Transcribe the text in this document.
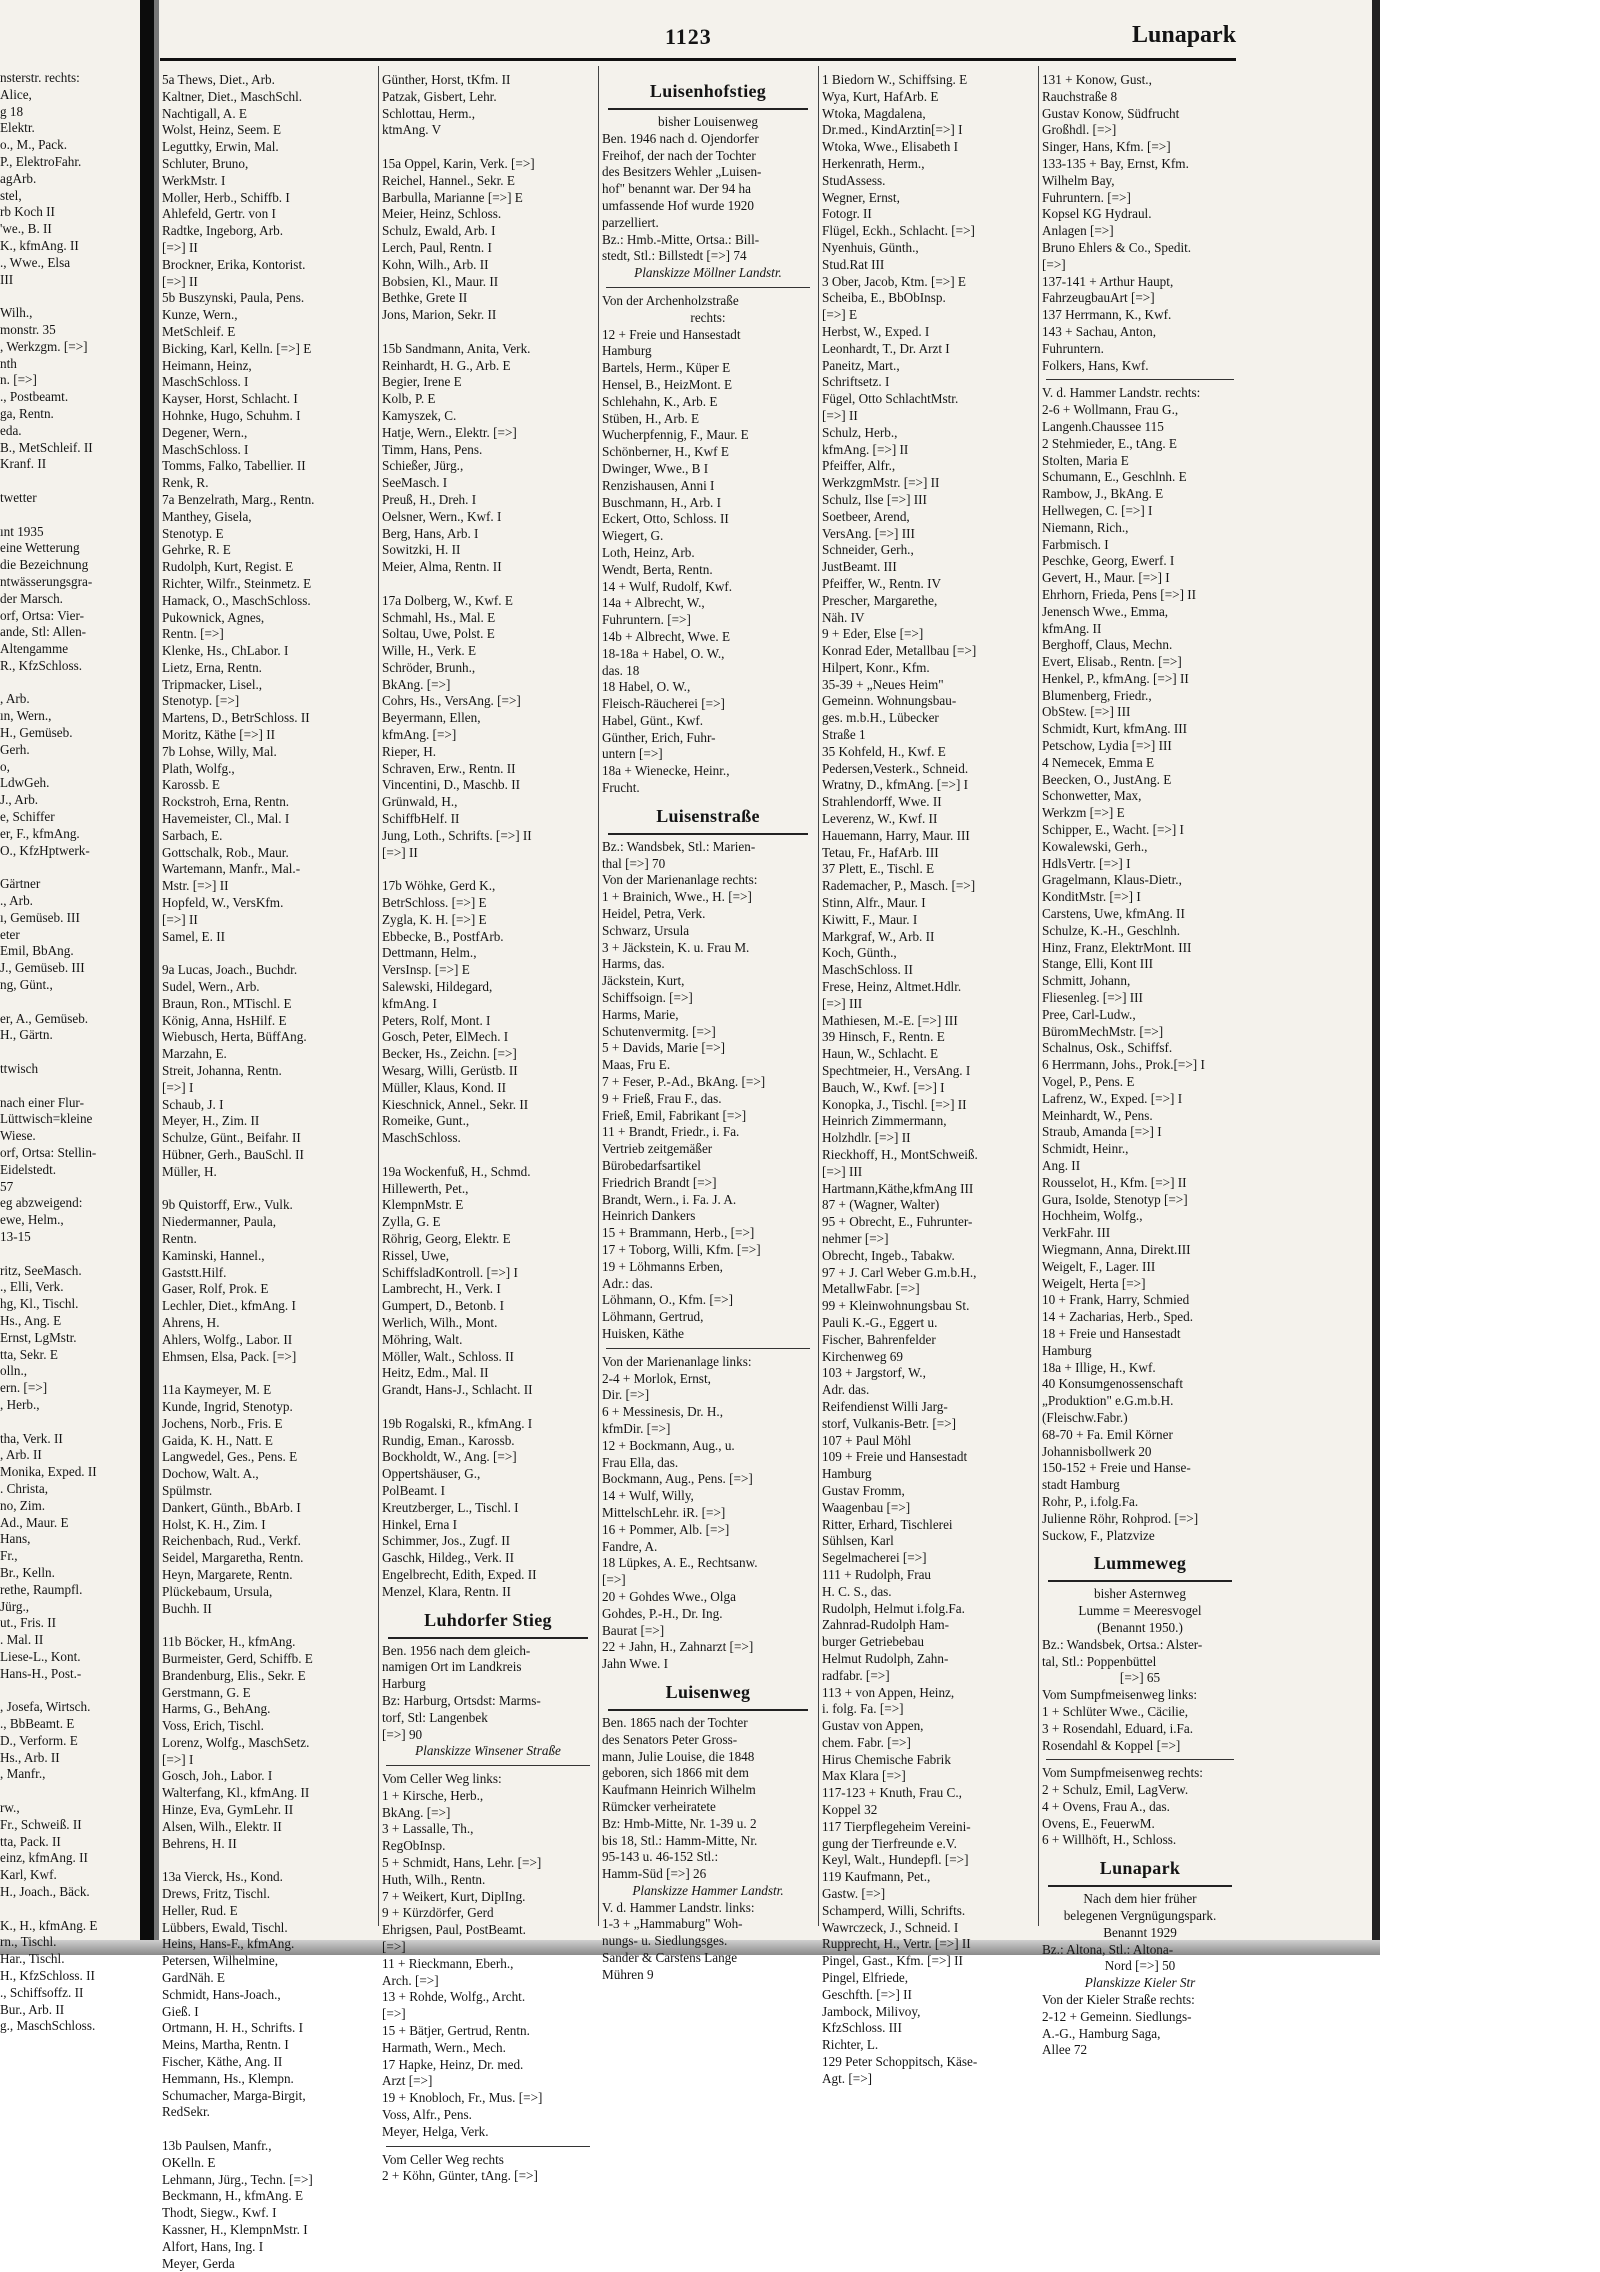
1123	Lunapark
nsterstr. rechts:
Alice,
g 18
Elektr.
o., M., Pack.
P., ElektroFahr.
agArb.
stel,
rb Koch II
'we., B. II
K., kfmAng. II
., Wwe., Elsa
III
Wilh.,
monstr. 35
, Werkzgm. [=>]
nth
n. [=>]
., Postbeamt.
ga, Rentn.
eda.
B., MetSchleif. II
Kranf. II
twetter
ınt 1935
eine Wetterung
die Bezeichnung
ntwässerungsgra-
der Marsch.
orf, Ortsa: Vier-
ande, Stl: Allen-
Altengamme
R., KfzSchloss.
, Arb.
ın, Wern.,
H., Gemüseb.
Gerh.
o,
LdwGeh.
J., Arb.
e, Schiffer
er, F., kfmAng.
O., KfzHptwerk-
Gärtner
., Arb.
ı, Gemüseb. III
eter
Emil, BbAng.
J., Gemüseb. III
ng, Günt.,
er, A., Gemüseb.
H., Gärtn.
ttwisch
nach einer Flur-
Lüttwisch=kleine
Wiese.
orf, Ortsa: Stellin-
Eidelstedt.
57
eg abzweigend:
ewe, Helm.,
13-15
ritz, SeeMasch.
., Elli, Verk.
hg, Kl., Tischl.
Hs., Ang. E
Ernst, LgMstr.
tta, Sekr. E
olln.,
ern. [=>]
, Herb.,
tha, Verk. II
, Arb. II
Monika, Exped. II
. Christa,
no, Zim.
Ad., Maur. E
Hans,
Fr.,
Br., Kelln.
rethe, Raumpfl.
Jürg.,
ut., Fris. II
. Mal. II
Liese-L., Kont.
Hans-H., Post.-
, Josefa, Wirtsch.
., BbBeamt. E
D., Verform. E
Hs., Arb. II
, Manfr.,
rw.,
Fr., Schweiß. II
tta, Pack. II
einz, kfmAng. II
Karl, Kwf.
H., Joach., Bäck.
K., H., kfmAng. E
rn., Tischl.
Har., Tischl.
H., KfzSchloss. II
., Schiffsoffz. II
Bur., Arb. II
g., MaschSchloss.
5a Thews, Diet., Arb.
Kaltner, Diet., MaschSchl.
Nachtigall, A. E
Wolst, Heinz, Seem. E
Leguttky, Erwin, Mal.
Schluter, Bruno,
WerkMstr. I
Moller, Herb., Schiffb. I
Ahlefeld, Gertr. von I
Radtke, Ingeborg, Arb.
[=>] II
Brockner, Erika, Kontorist.
[=>] II
5b Buszynski, Paula, Pens.
Kunze, Wern.,
MetSchleif. E
Bicking, Karl, Kelln. [=>] E
Heimann, Heinz,
MaschSchloss. I
Kayser, Horst, Schlacht. I
Hohnke, Hugo, Schuhm. I
Degener, Wern.,
MaschSchloss. I
Tomms, Falko, Tabellier. II
Renk, R.
7a Benzelrath, Marg., Rentn.
Manthey, Gisela,
Stenotyp. E
Gehrke, R. E
Rudolph, Kurt, Regist. E
Richter, Wilfr., Steinmetz. E
Hamack, O., MaschSchloss.
Pukownick, Agnes,
Rentn. [=>]
Klenke, Hs., ChLabor. I
Lietz, Erna, Rentn.
Tripmacker, Lisel.,
Stenotyp. [=>]
Martens, D., BetrSchloss. II
Moritz, Käthe [=>] II
7b Lohse, Willy, Mal.
Plath, Wolfg.,
Karossb. E
Rockstroh, Erna, Rentn.
Havemeister, Cl., Mal. I
Sarbach, E.
Gottschalk, Rob., Maur.
Wartemann, Manfr., Mal.-
Mstr. [=>] II
Hopfeld, W., VersKfm.
[=>] II
Samel, E. II
9a Lucas, Joach., Buchdr.
Sudel, Wern., Arb.
Braun, Ron., MTischl. E
König, Anna, HsHilf. E
Wiebusch, Herta, BüffAng.
Marzahn, E.
Streit, Johanna, Rentn.
[=>] I
Schaub, J. I
Meyer, H., Zim. II
Schulze, Günt., Beifahr. II
Hübner, Gerh., BauSchl. II
Müller, H.
9b Quistorff, Erw., Vulk.
Niedermanner, Paula,
Rentn.
Kaminski, Hannel.,
Gaststt.Hilf.
Gaser, Rolf, Prok. E
Lechler, Diet., kfmAng. I
Ahrens, H.
Ahlers, Wolfg., Labor. II
Ehmsen, Elsa, Pack. [=>]
11a Kaymeyer, M. E
Kunde, Ingrid, Stenotyp.
Jochens, Norb., Fris. E
Gaida, K. H., Natt. E
Langwedel, Ges., Pens. E
Dochow, Walt. A.,
Spülmstr.
Dankert, Günth., BbArb. I
Holst, K. H., Zim. I
Reichenbach, Rud., Verkf.
Seidel, Margaretha, Rentn.
Heyn, Margarete, Rentn.
Plückebaum, Ursula,
Buchh. II
11b Böcker, H., kfmAng.
Burmeister, Gerd, Schiffb. E
Brandenburg, Elis., Sekr. E
Gerstmann, G. E
Harms, G., BehAng.
Voss, Erich, Tischl.
Lorenz, Wolfg., MaschSetz.
[=>] I
Gosch, Joh., Labor. I
Walterfang, Kl., kfmAng. II
Hinze, Eva, GymLehr. II
Alsen, Wilh., Elektr. II
Behrens, H. II
13a Vierck, Hs., Kond.
Drews, Fritz, Tischl.
Heller, Rud. E
Lübbers, Ewald, Tischl.
Heins, Hans-F., kfmAng.
Petersen, Wilhelmine,
GardNäh. E
Schmidt, Hans-Joach.,
Gieß. I
Ortmann, H. H., Schrifts. I
Meins, Martha, Rentn. I
Fischer, Käthe, Ang. II
Hemmann, Hs., Klempn.
Schumacher, Marga-Birgit,
RedSekr.
13b Paulsen, Manfr.,
OKelln. E
Lehmann, Jürg., Techn. [=>]
Beckmann, H., kfmAng. E
Thodt, Siegw., Kwf. I
Kassner, H., KlempnMstr. I
Alfort, Hans, Ing. I
Meyer, Gerda
Günther, Horst, tKfm. II
Patzak, Gisbert, Lehr.
Schlottau, Herm.,
ktmAng. V
15a Oppel, Karin, Verk. [=>]
Reichel, Hannel., Sekr. E
Barbulla, Marianne [=>] E
Meier, Heinz, Schloss.
Schulz, Ewald, Arb. I
Lerch, Paul, Rentn. I
Kohn, Wilh., Arb. II
Bobsien, Kl., Maur. II
Bethke, Grete II
Jons, Marion, Sekr. II
15b Sandmann, Anita, Verk.
Reinhardt, H. G., Arb. E
Begier, Irene E
Kolb, P. E
Kamyszek, C.
Hatje, Wern., Elektr. [=>]
Timm, Hans, Pens.
Schießer, Jürg.,
SeeMasch. I
Preuß, H., Dreh. I
Oelsner, Wern., Kwf. I
Berg, Hans, Arb. I
Sowitzki, H. II
Meier, Alma, Rentn. II
17a Dolberg, W., Kwf. E
Schmahl, Hs., Mal. E
Soltau, Uwe, Polst. E
Wille, H., Verk. E
Schröder, Brunh.,
BkAng. [=>]
Cohrs, Hs., VersAng. [=>]
Beyermann, Ellen,
kfmAng. [=>]
Rieper, H.
Schraven, Erw., Rentn. II
Vincentini, D., Maschb. II
Grünwald, H.,
SchiffbHelf. II
Jung, Loth., Schrifts. [=>] II
[=>] II
17b Wöhke, Gerd K.,
BetrSchloss. [=>] E
Zygla, K. H. [=>] E
Ebbecke, B., PostfArb.
Dettmann, Helm.,
VersInsp. [=>] E
Salewski, Hildegard,
kfmAng. I
Peters, Rolf, Mont. I
Gosch, Peter, ElMech. I
Becker, Hs., Zeichn. [=>]
Wesarg, Willi, Gerüstb. II
Müller, Klaus, Kond. II
Kieschnick, Annel., Sekr. II
Romeike, Gunt.,
MaschSchloss.
19a Wockenfuß, H., Schmd.
Hillewerth, Pet.,
KlempnMstr. E
Zylla, G. E
Röhrig, Georg, Elektr. E
Rissel, Uwe,
SchiffsladKontroll. [=>] I
Lambrecht, H., Verk. I
Gumpert, D., Betonb. I
Werlich, Wilh., Mont.
Möhring, Walt.
Möller, Walt., Schloss. II
Heitz, Edm., Mal. II
Grandt, Hans-J., Schlacht. II
19b Rogalski, R., kfmAng. I
Rundig, Eman., Karossb.
Bockholdt, W., Ang. [=>]
Oppertshäuser, G.,
PolBeamt. I
Kreutzberger, L., Tischl. I
Hinkel, Erna I
Schimmer, Jos., Zugf. II
Gaschk, Hildeg., Verk. II
Engelbrecht, Edith, Exped. II
Menzel, Klara, Rentn. II
Luhdorfer Stieg
Ben. 1956 nach dem gleich-
namigen Ort im Landkreis
Harburg
Bz: Harburg, Ortsdst: Marms-
torf, Stl: Langenbek
[=>] 90
Planskizze Winsener Straße
Vom Celler Weg links:
1 + Kirsche, Herb.,
BkAng. [=>]
3 + Lassalle, Th.,
RegObInsp.
5 + Schmidt, Hans, Lehr. [=>]
Huth, Wilh., Rentn.
7 + Weikert, Kurt, DiplIng.
9 + Kürzdörfer, Gerd
Ehrigsen, Paul, PostBeamt.
[=>]
11 + Rieckmann, Eberh.,
Arch. [=>]
13 + Rohde, Wolfg., Archt.
[=>]
15 + Bätjer, Gertrud, Rentn.
Harmath, Wern., Mech.
17 Hapke, Heinz, Dr. med.
Arzt [=>]
19 + Knobloch, Fr., Mus. [=>]
Voss, Alfr., Pens.
Meyer, Helga, Verk.
Vom Celler Weg rechts
2 + Köhn, Günter, tAng. [=>]
Luisenhofstieg
bisher Louisenweg
Ben. 1946 nach d. Ojendorfer
Freihof, der nach der Tochter
des Besitzers Wehler „Luisen-
hof" benannt war. Der 94 ha
umfassende Hof wurde 1920
parzelliert.
Bz.: Hmb.-Mitte, Ortsa.: Bill-
stedt, Stl.: Billstedt [=>] 74
Planskizze Möllner Landstr.
Von der Archenholzstraße
rechts:
12 + Freie und Hansestadt
Hamburg
Bartels, Herm., Küper E
Hensel, B., HeizMont. E
Schlehahn, K., Arb. E
Stüben, H., Arb. E
Wucherpfennig, F., Maur. E
Schönberner, H., Kwf E
Dwinger, Wwe., B I
Renzishausen, Anni I
Buschmann, H., Arb. I
Eckert, Otto, Schloss. II
Wiegert, G.
Loth, Heinz, Arb.
Wendt, Berta, Rentn.
14 + Wulf, Rudolf, Kwf.
14a + Albrecht, W.,
Fuhruntern. [=>]
14b + Albrecht, Wwe. E
18-18a + Habel, O. W.,
das. 18
18 Habel, O. W.,
Fleisch-Räucherei [=>]
Habel, Günt., Kwf.
Günther, Erich, Fuhr-
untern [=>]
18a + Wienecke, Heinr.,
Frucht.
Luisenstraße
Bz.: Wandsbek, Stl.: Marien-
thal [=>] 70
Von der Marienanlage rechts:
1 + Brainich, Wwe., H. [=>]
Heidel, Petra, Verk.
Schwarz, Ursula
3 + Jäckstein, K. u. Frau M.
Harms, das.
Jäckstein, Kurt,
Schiffsoign. [=>]
Harms, Marie,
Schutenvermitg. [=>]
5 + Davids, Marie [=>]
Maas, Fru E.
7 + Feser, P.-Ad., BkAng. [=>]
9 + Frieß, Frau F., das.
Frieß, Emil, Fabrikant [=>]
11 + Brandt, Friedr., i. Fa.
Vertrieb zeitgemäßer
Bürobedarfsartikel
Friedrich Brandt [=>]
Brandt, Wern., i. Fa. J. A.
Heinrich Dankers
15 + Brammann, Herb., [=>]
17 + Toborg, Willi, Kfm. [=>]
19 + Löhmanns Erben,
Adr.: das.
Löhmann, O., Kfm. [=>]
Löhmann, Gertrud,
Huisken, Käthe
Von der Marienanlage links:
2-4 + Morlok, Ernst,
Dir. [=>]
6 + Messinesis, Dr. H.,
kfmDir. [=>]
12 + Bockmann, Aug., u.
Frau Ella, das.
Bockmann, Aug., Pens. [=>]
14 + Wulf, Willy,
MittelschLehr. iR. [=>]
16 + Pommer, Alb. [=>]
Fandre, A.
18 Lüpkes, A. E., Rechtsanw.
[=>]
20 + Gohdes Wwe., Olga
Gohdes, P.-H., Dr. Ing.
Baurat [=>]
22 + Jahn, H., Zahnarzt [=>]
Jahn Wwe. I
Luisenweg
Ben. 1865 nach der Tochter
des Senators Peter Gross-
mann, Julie Louise, die 1848
geboren, sich 1866 mit dem
Kaufmann Heinrich Wilhelm
Rümcker verheiratete
Bz: Hmb-Mitte, Nr. 1-39 u. 2
bis 18, Stl.: Hamm-Mitte, Nr.
95-143 u. 46-152 Stl.:
Hamm-Süd [=>] 26
Planskizze Hammer Landstr.
V. d. Hammer Landstr. links:
1-3 + „Hammaburg" Woh-
nungs- u. Siedlungsges.
Sander & Carstens Lange
Mühren 9
1 Biedorn W., Schiffsing. E
Wya, Kurt, HafArb. E
Wtoka, Magdalena,
Dr.med., KindArztin[=>] I
Wtoka, Wwe., Elisabeth I
Herkenrath, Herm.,
StudAssess.
Wegner, Ernst,
Fotogr. II
Flügel, Eckh., Schlacht. [=>]
Nyenhuis, Günth.,
Stud.Rat III
3 Ober, Jacob, Ktm. [=>] E
Scheiba, E., BbObInsp.
[=>] E
Herbst, W., Exped. I
Leonhardt, T., Dr. Arzt I
Paneitz, Mart.,
Schriftsetz. I
Fügel, Otto SchlachtMstr.
[=>] II
Schulz, Herb.,
kfmAng. [=>] II
Pfeiffer, Alfr.,
WerkzgmMstr. [=>] II
Schulz, Ilse [=>] III
Soetbeer, Arend,
VersAng. [=>] III
Schneider, Gerh.,
JustBeamt. III
Pfeiffer, W., Rentn. IV
Prescher, Margarethe,
Näh. IV
9 + Eder, Else [=>]
Konrad Eder, Metallbau [=>]
Hilpert, Konr., Kfm.
35-39 + „Neues Heim"
Gemeinn. Wohnungsbau-
ges. m.b.H., Lübecker
Straße 1
35 Kohfeld, H., Kwf. E
Pedersen,Vesterk., Schneid.
Wratny, D., kfmAng. [=>] I
Strahlendorff, Wwe. II
Leverenz, W., Kwf. II
Hauemann, Harry, Maur. III
Tetau, Fr., HafArb. III
37 Plett, E., Tischl. E
Rademacher, P., Masch. [=>]
Stinn, Alfr., Maur. I
Kiwitt, F., Maur. I
Markgraf, W., Arb. II
Koch, Günth.,
MaschSchloss. II
Frese, Heinz, Altmet.Hdlr.
[=>] III
Mathiesen, M.-E. [=>] III
39 Hinsch, F., Rentn. E
Haun, W., Schlacht. E
Spechtmeier, H., VersAng. I
Bauch, W., Kwf. [=>] I
Konopka, J., Tischl. [=>] II
Heinrich Zimmermann,
Holzhdlr. [=>] II
Rieckhoff, H., MontSchweiß.
[=>] III
Hartmann,Käthe,kfmAng III
87 + (Wagner, Walter)
95 + Obrecht, E., Fuhrunter-
nehmer [=>]
Obrecht, Ingeb., Tabakw.
97 + J. Carl Weber G.m.b.H.,
MetallwFabr. [=>]
99 + Kleinwohnungsbau St.
Pauli K.-G., Eggert u.
Fischer, Bahrenfelder
Kirchenweg 69
103 + Jargstorf, W.,
Adr. das.
Reifendienst Willi Jarg-
storf, Vulkanis-Betr. [=>]
107 + Paul Möhl
109 + Freie und Hansestadt
Hamburg
Gustav Fromm,
Waagenbau [=>]
Ritter, Erhard, Tischlerei
Sühlsen, Karl
Segelmacherei [=>]
111 + Rudolph, Frau
H. C. S., das.
Rudolph, Helmut i.folg.Fa.
Zahnrad-Rudolph Ham-
burger Getriebebau
Helmut Rudolph, Zahn-
radfabr. [=>]
113 + von Appen, Heinz,
i. folg. Fa. [=>]
Gustav von Appen,
chem. Fabr. [=>]
Hirus Chemische Fabrik
Max Klara [=>]
117-123 + Knuth, Frau C.,
Koppel 32
117 Tierpflegeheim Vereini-
gung der Tierfreunde e.V.
Keyl, Walt., Hundepfl. [=>]
119 Kaufmann, Pet.,
Gastw. [=>]
Schamperd, Willi, Schrifts.
Wawrczeck, J., Schneid. I
Rupprecht, H., Vertr. [=>] II
Pingel, Gast., Kfm. [=>] II
Pingel, Elfriede,
Geschfth. [=>] II
Jambock, Milivoy,
KfzSchloss. III
Richter, L.
129 Peter Schoppitsch, Käse-
Agt. [=>]
131 + Konow, Gust.,
Rauchstraße 8
Gustav Konow, Südfrucht
Großhdl. [=>]
Singer, Hans, Kfm. [=>]
133-135 + Bay, Ernst, Kfm.
Wilhelm Bay,
Fuhruntern. [=>]
Kopsel KG Hydraul.
Anlagen [=>]
Bruno Ehlers & Co., Spedit.
[=>]
137-141 + Arthur Haupt,
FahrzeugbauArt [=>]
137 Herrmann, K., Kwf.
143 + Sachau, Anton,
Fuhruntern.
Folkers, Hans, Kwf.
V. d. Hammer Landstr. rechts:
2-6 + Wollmann, Frau G.,
Langenh.Chaussee 115
2 Stehmieder, E., tAng. E
Stolten, Maria E
Schumann, E., Geschlnh. E
Rambow, J., BkAng. E
Hellwegen, C. [=>] I
Niemann, Rich.,
Farbmisch. I
Peschke, Georg, Ewerf. I
Gevert, H., Maur. [=>] I
Ehrhorn, Frieda, Pens [=>] II
Jenensch Wwe., Emma,
kfmAng. II
Berghoff, Claus, Mechn.
Evert, Elisab., Rentn. [=>]
Henkel, P., kfmAng. [=>] II
Blumenberg, Friedr.,
ObStew. [=>] III
Schmidt, Kurt, kfmAng. III
Petschow, Lydia [=>] III
4 Nemecek, Emma E
Beecken, O., JustAng. E
Schonwetter, Max,
Werkzm [=>] E
Schipper, E., Wacht. [=>] I
Kowalewski, Gerh.,
HdlsVertr. [=>] I
Gragelmann, Klaus-Dietr.,
KonditMstr. [=>] I
Carstens, Uwe, kfmAng. II
Schulze, K.-H., Geschlnh.
Hinz, Franz, ElektrMont. III
Stange, Elli, Kont III
Schmitt, Johann,
Fliesenleg. [=>] III
Pree, Carl-Ludw.,
BüromMechMstr. [=>]
Schalnus, Osk., Schiffsf.
6 Herrmann, Johs., Prok.[=>] I
Vogel, P., Pens. E
Lafrenz, W., Exped. [=>] I
Meinhardt, W., Pens.
Straub, Amanda [=>] I
Schmidt, Heinr.,
Ang. II
Rousselot, H., Kfm. [=>] II
Gura, Isolde, Stenotyp [=>]
Hochheim, Wolfg.,
VerkFahr. III
Wiegmann, Anna, Direkt.III
Weigelt, F., Lager. III
Weigelt, Herta [=>]
10 + Frank, Harry, Schmied
14 + Zacharias, Herb., Sped.
18 + Freie und Hansestadt
Hamburg
18a + Illige, H., Kwf.
40 Konsumgenossenschaft
„Produktion" e.G.m.b.H.
(Fleischw.Fabr.)
68-70 + Fa. Emil Körner
Johannisbollwerk 20
150-152 + Freie und Hanse-
stadt Hamburg
Rohr, P., i.folg.Fa.
Julienne Röhr, Rohprod. [=>]
Suckow, F., Platzvize
Lummeweg
bisher Asternweg
Lumme = Meeresvogel
(Benannt 1950.)
Bz.: Wandsbek, Ortsa.: Alster-
tal, Stl.: Poppenbüttel
[=>] 65
Vom Sumpfmeisenweg links:
1 + Schlüter Wwe., Cäcilie,
3 + Rosendahl, Eduard, i.Fa.
Rosendahl & Koppel [=>]
Vom Sumpfmeisenweg rechts:
2 + Schulz, Emil, LagVerw.
4 + Ovens, Frau A., das.
Ovens, E., FeuerwM.
6 + Willhöft, H., Schloss.
Lunapark
Nach dem hier früher
belegenen Vergnügungspark.
Benannt 1929
Bz.: Altona, Stl.: Altona-
Nord [=>] 50
Planskizze Kieler Str
Von der Kieler Straße rechts:
2-12 + Gemeinn. Siedlungs-
A.-G., Hamburg Saga,
Allee 72
